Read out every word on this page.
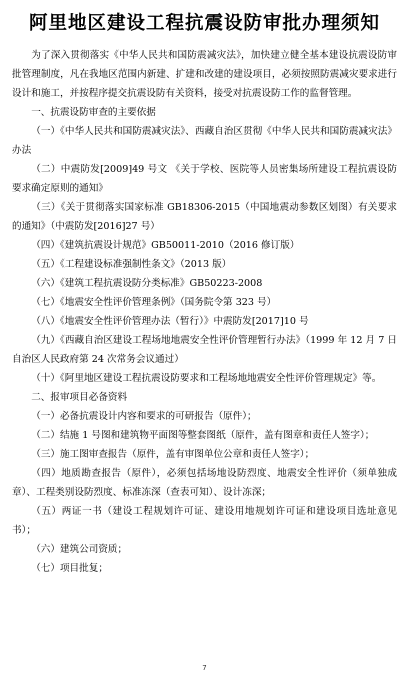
阿里地区建设工程抗震设防审批办理须知

为了深入贯彻落实《中华人民共和国防震减灾法》，加快建立健全基本建设抗震设防审批管理制度，凡在我地区范围内新建、扩建和改建的建设项目，必须按照防震减灾要求进行设计和施工，并按程序提交抗震设防有关资料，接受对抗震设防工作的监督管理。

一、抗震设防审查的主要依据

（一）《中华人民共和国防震减灾法》、西藏自治区贯彻《中华人民共和国防震减灾法》办法

（二）中震防发[2009]49 号文 《关于学校、医院等人员密集场所建设工程抗震设防要求确定原则的通知》

（三）《关于贯彻落实国家标准 GB18306-2015（中国地震动参数区划图）有关要求的通知》（中震防发[2016]27 号）

（四）《建筑抗震设计规范》GB50011-2010（2016 修订版）

（五）《工程建设标准强制性条文》（2013 版）

（六）《建筑工程抗震设防分类标准》GB50223-2008

（七）《地震安全性评价管理条例》（国务院令第 323 号）

（八）《地震安全性评价管理办法（暂行）》中震防发[2017]10 号

（九）《西藏自治区建设工程场地地震安全性评价管理暂行办法》（1999 年 12 月 7 日自治区人民政府第 24 次常务会议通过）

（十）《阿里地区建设工程抗震设防要求和工程场地地震安全性评价管理规定》等。

二、报审项目必备资料

（一）必备抗震设计内容和要求的可研报告（原件）；

（二）结施 1 号图和建筑物平面图等整套图纸（原件，盖有图章和责任人签字）；

（三）施工图审查报告（原件，盖有审图单位公章和责任人签字）；

（四）地质勘查报告（原件），必须包括场地设防烈度、地震安全性评价（须单独成章）、工程类别设防烈度、标准冻深（查表可知）、设计冻深；

（五）两证一书（建设工程规划许可证、建设用地规划许可证和建设项目选址意见书）；

（六）建筑公司资质；

（七）项目批复；

7
